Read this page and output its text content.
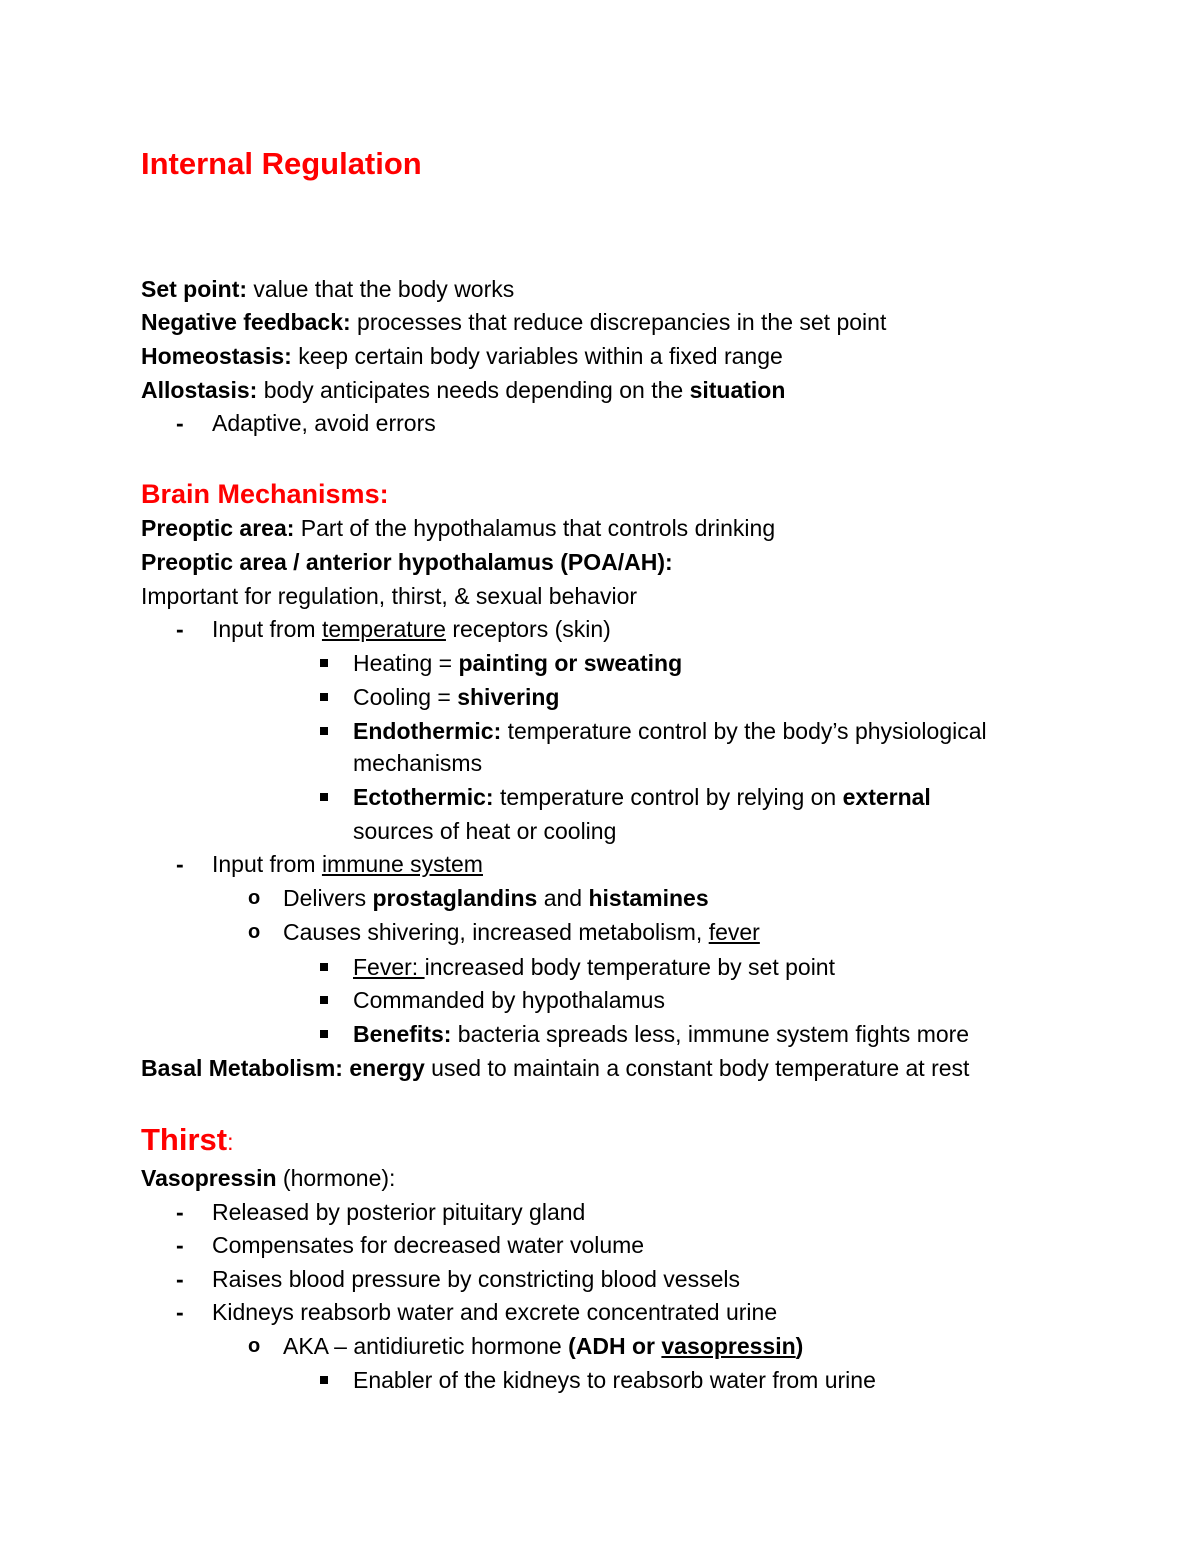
Internal Regulation
Set point: value that the body works
Negative feedback: processes that reduce discrepancies in the set point
Homeostasis: keep certain body variables within a fixed range
Allostasis: body anticipates needs depending on the situation
- Adaptive, avoid errors
Brain Mechanisms:
Preoptic area: Part of the hypothalamus that controls drinking
Preoptic area / anterior hypothalamus (POA/AH):
Important for regulation, thirst, & sexual behavior
- Input from temperature receptors (skin)
Heating = painting or sweating
Cooling = shivering
Endothermic: temperature control by the body’s physiological
mechanisms
Ectothermic: temperature control by relying on external
sources of heat or cooling
- Input from immune system
o Delivers prostaglandins and histamines
o Causes shivering, increased metabolism, fever
Fever: increased body temperature by set point
Commanded by hypothalamus
Benefits: bacteria spreads less, immune system fights more
Basal Metabolism: energy used to maintain a constant body temperature at rest
Thirst:
Vasopressin (hormone):
- Released by posterior pituitary gland
- Compensates for decreased water volume
- Raises blood pressure by constricting blood vessels
- Kidneys reabsorb water and excrete concentrated urine
o AKA – antidiuretic hormone (ADH or vasopressin)
Enabler of the kidneys to reabsorb water from urine
